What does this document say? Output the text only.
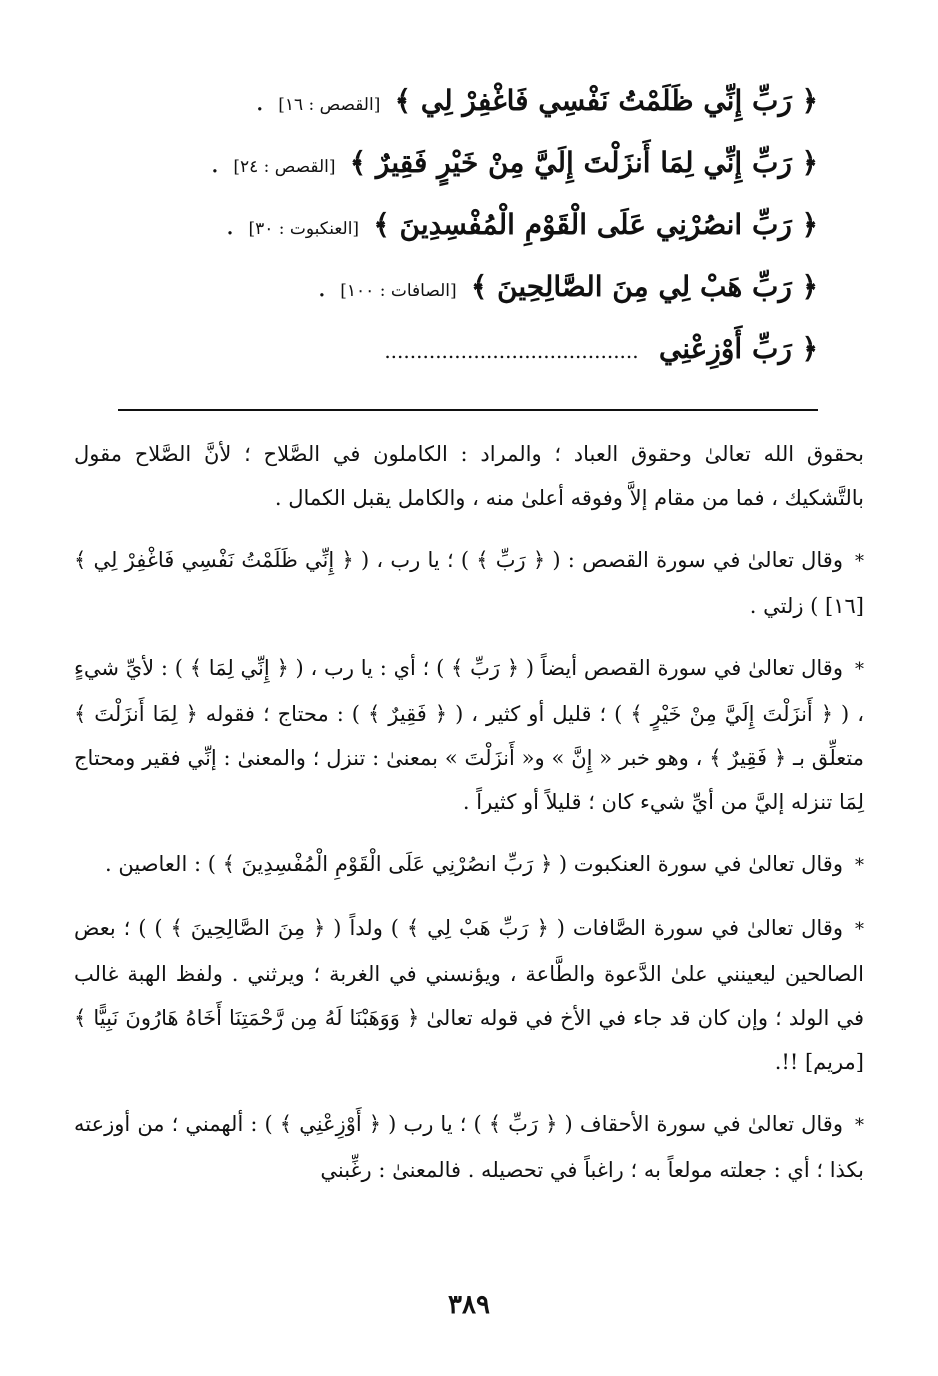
﴿ رَبِّ إِنِّي ظَلَمْتُ نَفْسِي فَاغْفِرْ لِي ﴾ [القصص : ١٦] .
﴿ رَبِّ إِنِّي لِمَا أَنزَلْتَ إِلَيَّ مِنْ خَيْرٍ فَقِيرٌ ﴾ [القصص : ٢٤] .
﴿ رَبِّ انصُرْنِي عَلَى الْقَوْمِ الْمُفْسِدِينَ ﴾ [العنكبوت : ٣٠] .
﴿ رَبِّ هَبْ لِي مِنَ الصَّالِحِينَ ﴾ [الصافات : ١٠٠] .
﴿ رَبِّ أَوْزِعْنِي ........................................

بحقوق الله تعالىٰ وحقوق العباد ؛ والمراد : الكاملون في الصَّلاح ؛ لأنَّ الصَّلاح مقول بالتَّشكيك ، فما من مقام إلاَّ وفوقه أعلىٰ منه ، والكامل يقبل الكمال .

*وقال تعالىٰ في سورة القصص : ( ﴿ رَبِّ ﴾ ) ؛ يا رب ، ( ﴿ إِنِّي ظَلَمْتُ نَفْسِي فَاغْفِرْ لِي ﴾ [١٦] ) زلتي .

*وقال تعالىٰ في سورة القصص أيضاً ( ﴿ رَبِّ ﴾ ) ؛ أي : يا رب ، ( ﴿ إِنِّي لِمَا ﴾ ) : لأيِّ شيءٍ ، ( ﴿ أَنزَلْتَ إِلَيَّ مِنْ خَيْرٍ ﴾ ) ؛ قليل أو كثير ، ( ﴿ فَقِيرٌ ﴾ ) : محتاج ؛ فقوله ﴿ لِمَا أَنزَلْتَ ﴾ متعلِّق بـ ﴿ فَقِيرٌ ﴾ ، وهو خبر « إِنَّ » و« أَنزَلْتَ » بمعنىٰ : تنزل ؛ والمعنىٰ : إنِّي فقير ومحتاج لِمَا تنزله إليَّ من أيِّ شيء كان ؛ قليلاً أو كثيراً .

*وقال تعالىٰ في سورة العنكبوت ( ﴿ رَبِّ انصُرْنِي عَلَى الْقَوْمِ الْمُفْسِدِينَ ﴾ ) : العاصين .

*وقال تعالىٰ في سورة الصَّافات ( ﴿ رَبِّ هَبْ لِي ﴾ ) ولداً ( ﴿ مِنَ الصَّالِحِينَ ﴾ ) ) ؛ بعض الصالحين ليعينني علىٰ الدَّعوة والطَّاعة ، ويؤنسني في الغربة ؛ ويرثني . ولفظ الهبة غالب في الولد ؛ وإن كان قد جاء في الأخ في قوله تعالىٰ ﴿ وَوَهَبْنَا لَهُ مِن رَّحْمَتِنَا أَخَاهُ هَارُونَ نَبِيًّا ﴾ [مريم] !!.

*وقال تعالىٰ في سورة الأحقاف ( ﴿ رَبِّ ﴾ ) ؛ يا رب ( ﴿ أَوْزِعْنِي ﴾ ) : ألهمني ؛ من أوزعته بكذا ؛ أي : جعلته مولعاً به ؛ راغباً في تحصيله . فالمعنىٰ : رغِّبني

٣٨٩
